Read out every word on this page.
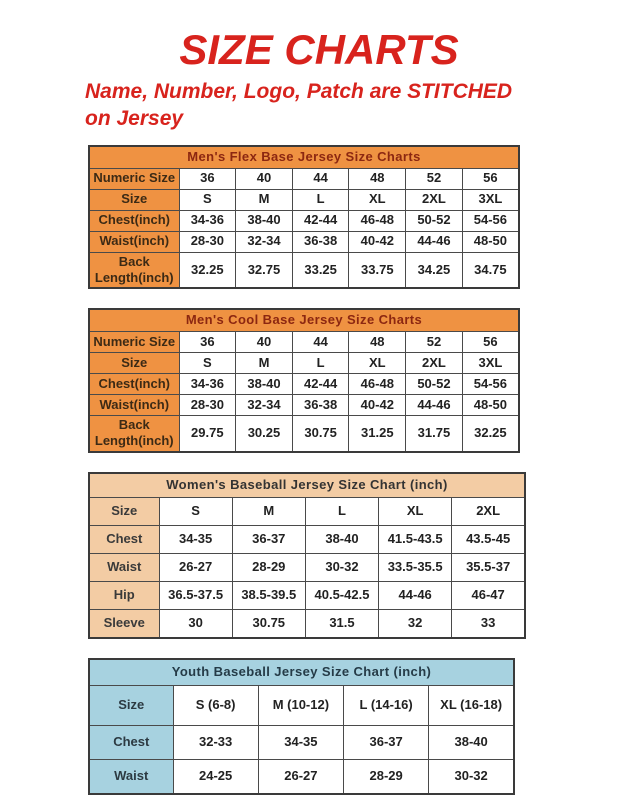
SIZE CHARTS

Name, Number, Logo, Patch are STITCHED
on Jersey

Men's Flex Base Jersey Size Charts						
Numeric Size	36	40	44	48	52	56
Size	S	M	L	XL	2XL	3XL
Chest(inch)	34-36	38-40	42-44	46-48	50-52	54-56
Waist(inch)	28-30	32-34	36-38	40-42	44-46	48-50
Back Length(inch)	32.25	32.75	33.25	33.75	34.25	34.75
Men's Cool Base Jersey Size Charts						
Numeric Size	36	40	44	48	52	56
Size	S	M	L	XL	2XL	3XL
Chest(inch)	34-36	38-40	42-44	46-48	50-52	54-56
Waist(inch)	28-30	32-34	36-38	40-42	44-46	48-50
Back Length(inch)	29.75	30.25	30.75	31.25	31.75	32.25
Women's Baseball Jersey Size Chart (inch)					
Size	S	M	L	XL	2XL
Chest	34-35	36-37	38-40	41.5-43.5	43.5-45
Waist	26-27	28-29	30-32	33.5-35.5	35.5-37
Hip	36.5-37.5	38.5-39.5	40.5-42.5	44-46	46-47
Sleeve	30	30.75	31.5	32	33
Youth Baseball Jersey Size Chart (inch)				
Size	S (6-8)	M (10-12)	L (14-16)	XL (16-18)
Chest	32-33	34-35	36-37	38-40
Waist	24-25	26-27	28-29	30-32
